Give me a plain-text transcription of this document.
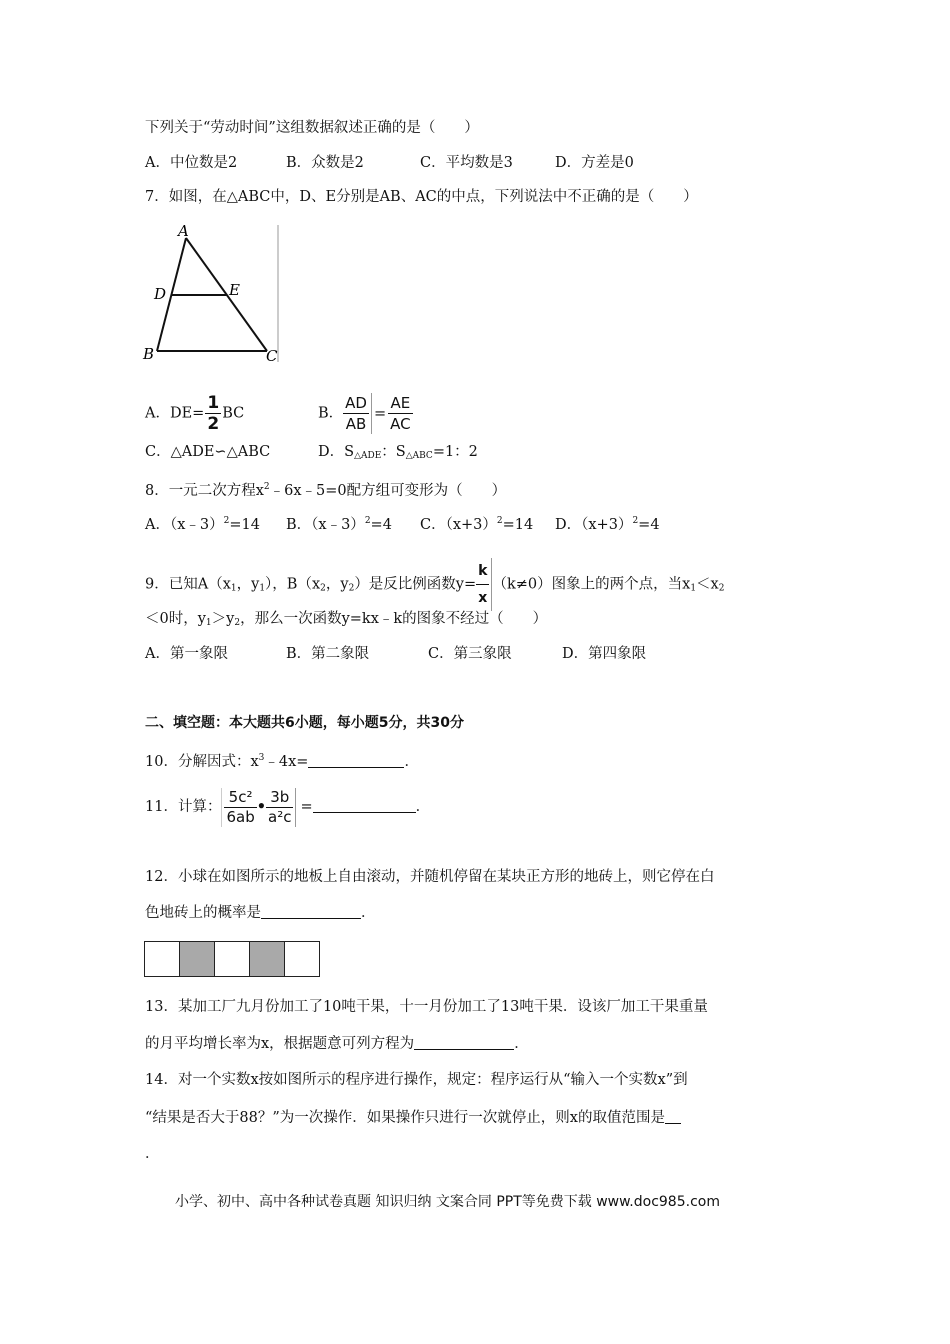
下列关于“劳动时间”这组数据叙述正确的是（　　）
A．中位数是2	B．众数是2	C．平均数是3	D．方差是0
7．如图，在△ABC中，D、E分别是AB、AC的中点，下列说法中不正确的是（　　）
A
D	E
B	C
A．$DE= \frac{1}{2}$ BC	B． $\frac{AD}{AB} = \frac{AE}{AC}$
C．△ADE∽△ABC	D．$S_{\triangle ADE}$：$S_{\triangle ABC}=1$：2
8．一元二次方程$x^2﹣6x﹣5=0$配方组可变形为（　　）
A．（x﹣3）$^2$=14 B．（x﹣3）$^2$=4 C．$(x+3)^2=14$ D．$(x+3)^2=4$
9．已知$A(x_1$，$y_1$），$B(x_2$，$y_2$）是反比例函数$y= \frac{k}{x} (k\ne 0)$图象上的两个点，当$x_1<x_2$
＜0时，$y_1>y_2$，那么一次函数y=kx﹣k的图象不经过（　　）
A．第一象限	B．第二象限	C．第三象限	D．第四象限
二、填空题：本大题共6小题，每小题5分，共30分
10．分解因式：$x^3﹣4x=$	．
11．计算： $\frac{\text{5c²}}{6ab}$ • $\frac{3b}{\text{a²c}}$ =	．
12．小球在如图所示的地板上自由滚动，并随机停留在某块正方形的地砖上，则它停在白
色地砖上的概率是	．
13．某加工厂九月份加工了10吨干果，十一月份加工了13吨干果．设该厂加工干果重量
的月平均增长率为x，根据题意可列方程为	．
14．对一个实数x按如图所示的程序进行操作，规定：程序运行从“输入一个实数x”到
“结果是否大于88？”为一次操作．如果操作只进行一次就停止，则x的取值范围是
．
小学、初中、高中各种试卷真题 知识归纳 文案合同 PPT等免费下载 www.doc985.com
